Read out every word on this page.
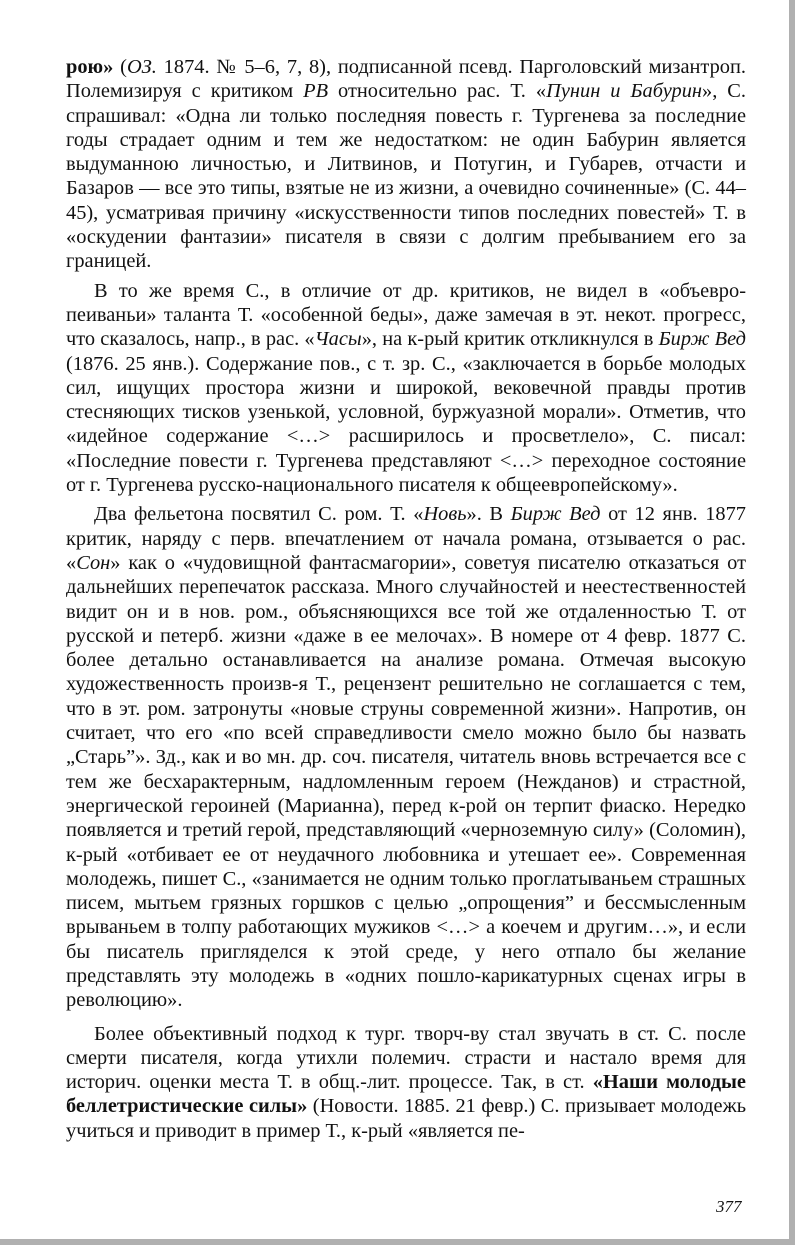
рою» (ОЗ. 1874. № 5–6, 7, 8), подписанной псевд. Парголовский мизантроп. Полемизируя с критиком РВ относительно рас. Т. «Пунин и Бабурин», С. спрашивал: «Одна ли только последняя повесть г. Тургенева за последние годы страдает одним и тем же недостатком: не один Бабурин является выдуманною личностью, и Литвинов, и Потугин, и Губарев, отчасти и Базаров — все это типы, взятые не из жизни, а очевидно сочиненные» (С. 44–45), усматривая причину «искусственности типов последних повестей» Т. в «оскудении фантазии» писателя в связи с долгим пребыванием его за границей.

В то же время С., в отличие от др. критиков, не видел в «объевропеиваньи» таланта Т. «особенной беды», даже замечая в эт. некот. прогресс, что сказалось, напр., в рас. «Часы», на к-рый критик откликнулся в Бирж Вед (1876. 25 янв.). Содержание пов., с т. зр. С., «заключается в борьбе молодых сил, ищущих простора жизни и широкой, вековечной правды против стесняющих тисков узенькой, условной, буржуазной морали». Отметив, что «идейное содержание <…> расширилось и просветлело», С. писал: «Последние повести г. Тургенева представляют <…> переходное состояние от г. Тургенева русско-национального писателя к общеевропейскому».

Два фельетона посвятил С. ром. Т. «Новь». В Бирж Вед от 12 янв. 1877 критик, наряду с перв. впечатлением от начала романа, отзывается о рас. «Сон» как о «чудовищной фантасмагории», советуя писателю отказаться от дальнейших перепечаток рассказа. Много случайностей и неестественностей видит он и в нов. ром., объясняющихся все той же отдаленностью Т. от русской и петерб. жизни «даже в ее мелочах». В номере от 4 февр. 1877 С. более детально останавливается на анализе романа. Отмечая высокую художественность произв-я Т., рецензент решительно не соглашается с тем, что в эт. ром. затронуты «новые струны современной жизни». Напротив, он считает, что его «по всей справедливости смело можно было бы назвать „Старь”». Зд., как и во мн. др. соч. писателя, читатель вновь встречается все с тем же бесхарактерным, надломленным героем (Нежданов) и страстной, энергической героиней (Марианна), перед к-рой он терпит фиаско. Нередко появляется и третий герой, представляющий «черноземную силу» (Соломин), к-рый «отбивает ее от неудачного любовника и утешает ее». Современная молодежь, пишет С., «занимается не одним только проглатываньем страшных писем, мытьем грязных горшков с целью „опрощения” и бессмысленным врываньем в толпу работающих мужиков <…> а коeчем и другим…», и если бы писатель пригляделся к этой среде, у него отпало бы желание представлять эту молодежь в «одних пошло-карикатурных сценах игры в революцию».

Более объективный подход к тург. творч-ву стал звучать в ст. С. после смерти писателя, когда утихли полемич. страсти и настало время для историч. оценки места Т. в общ.-лит. процессе. Так, в ст. «Наши молодые беллетристические силы» (Новости. 1885. 21 февр.) С. призывает молодежь учиться и приводит в пример Т., к-рый «является пе-

377
